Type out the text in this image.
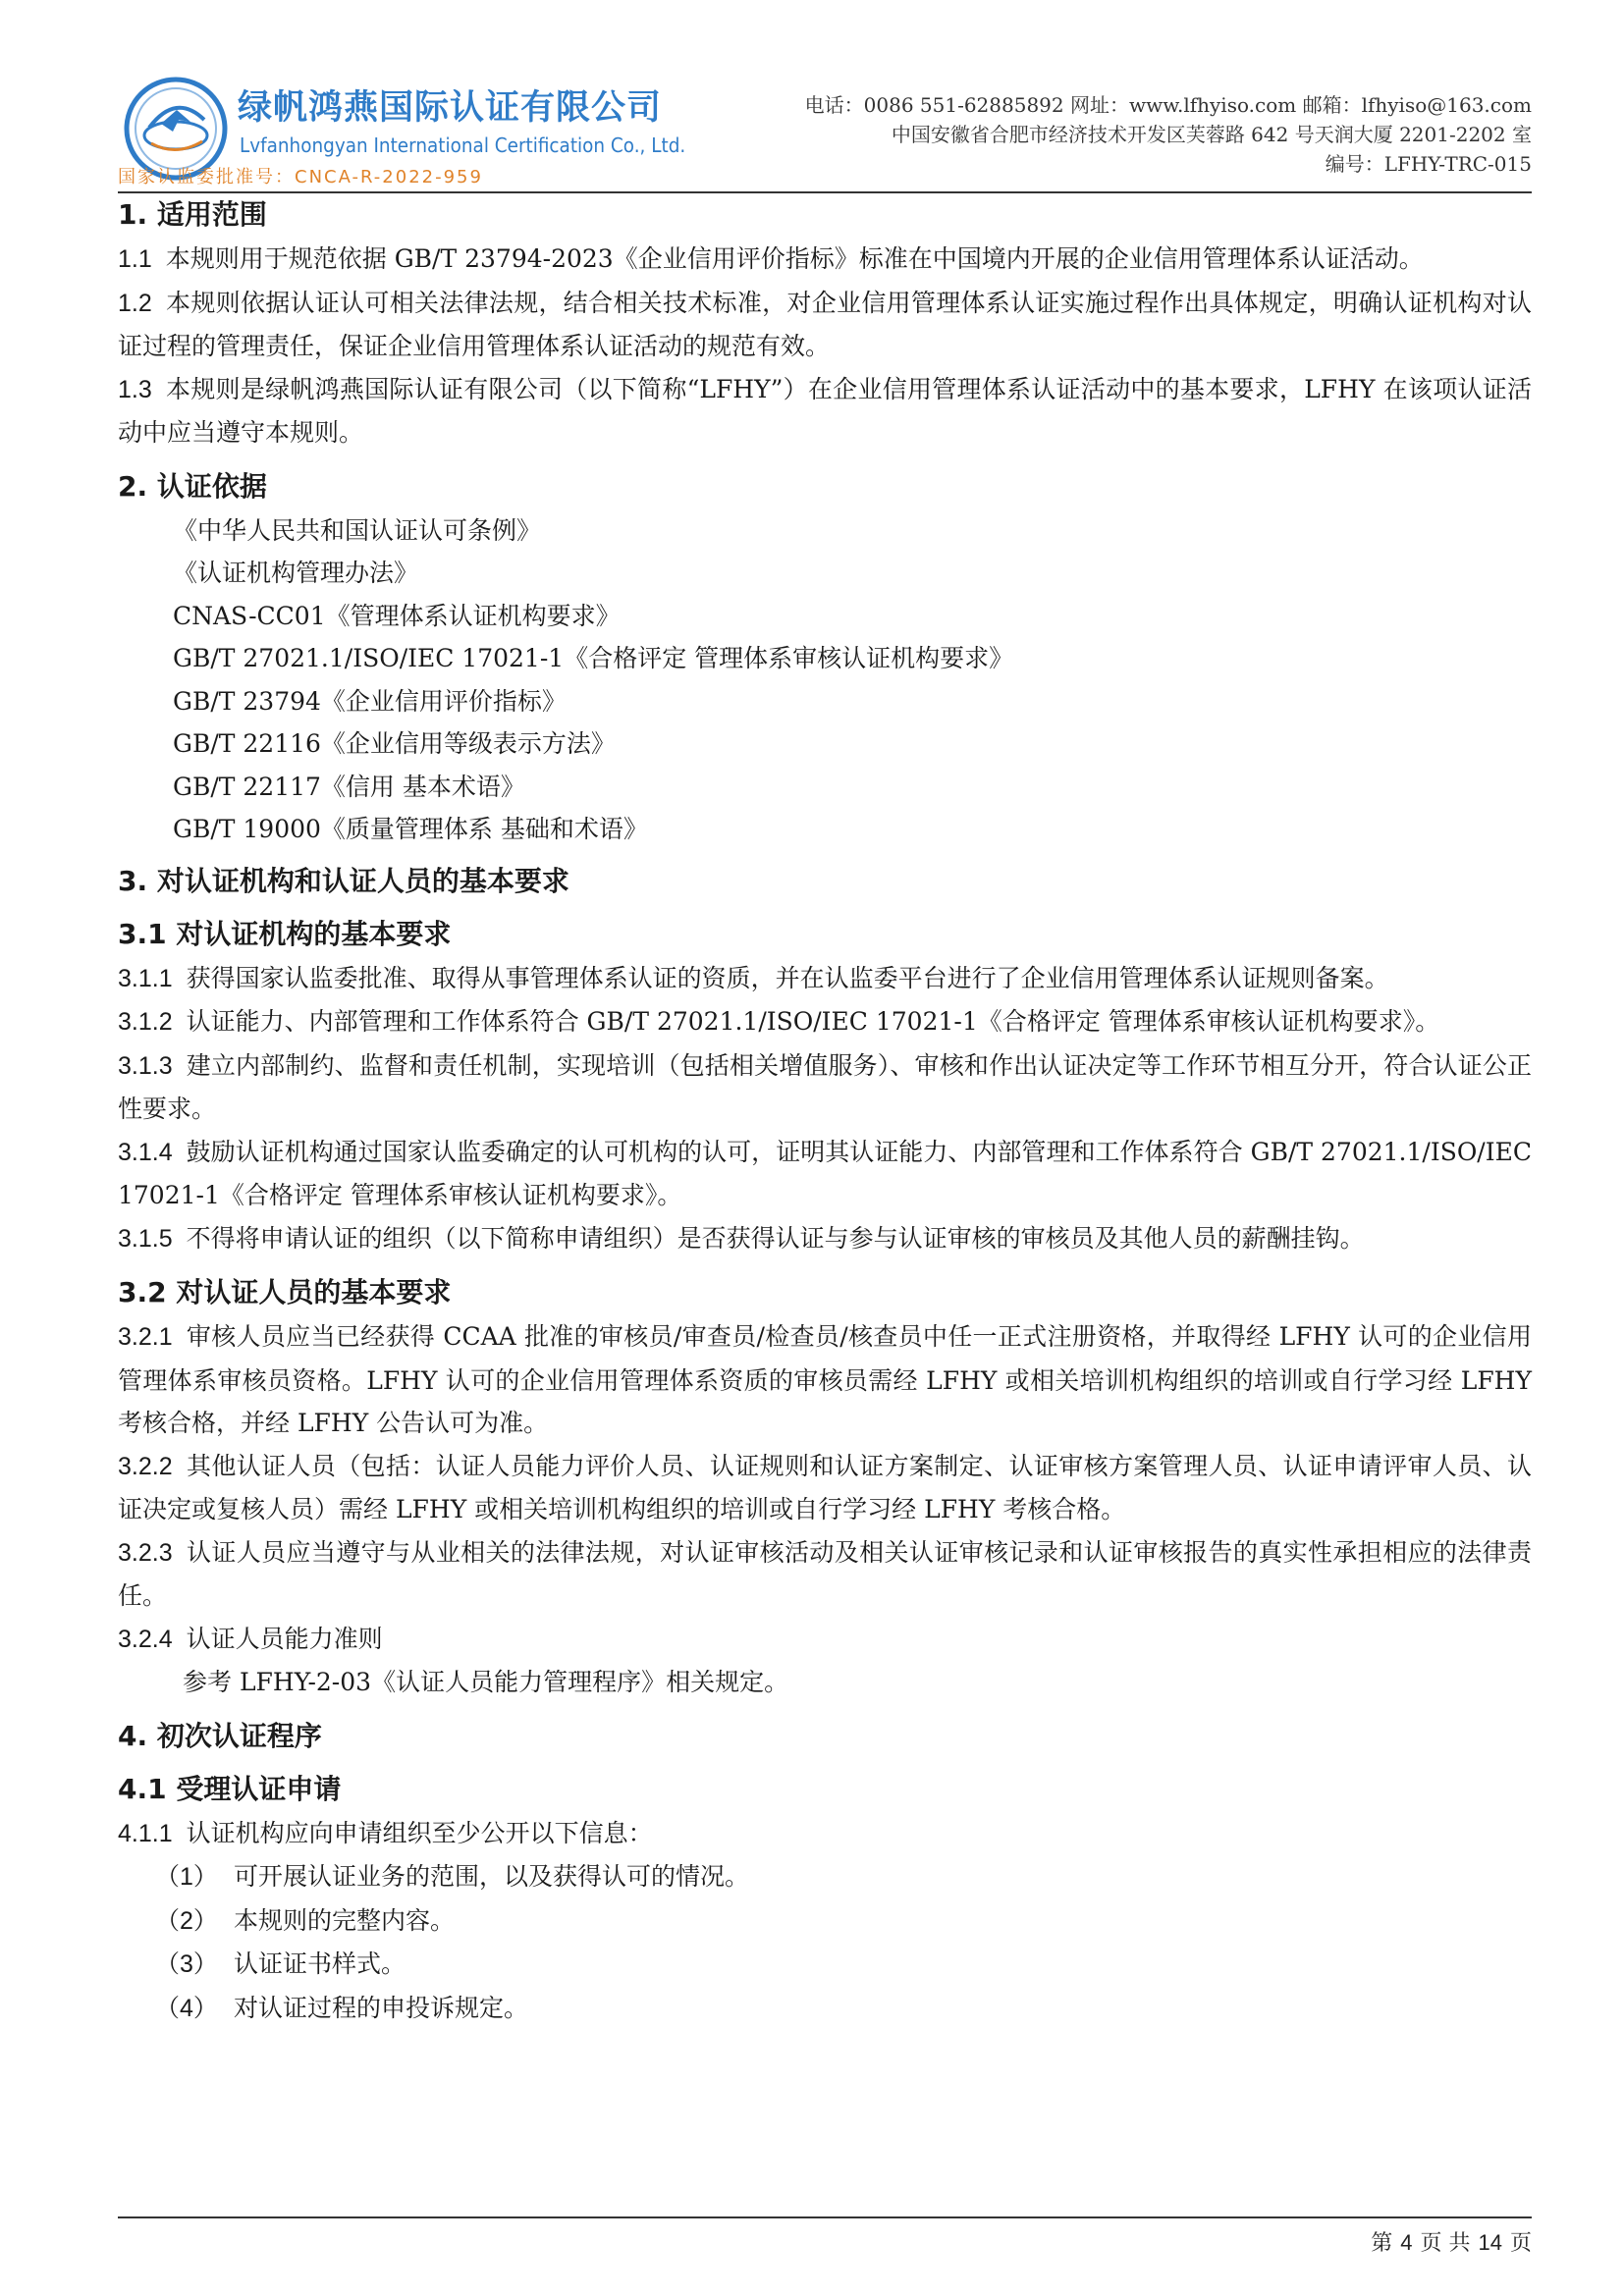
绿帆鸿燕国际认证有限公司
Lvfanhongyan International Certification Co., Ltd.
国家认监委批准号：CNCA-R-2022-959
电话：0086 551-62885892 网址：www.lfhyiso.com 邮箱：lfhyiso@163.com
中国安徽省合肥市经济技术开发区芙蓉路 642 号天润大厦 2201-2202 室
编号：LFHY-TRC-015
1. 适用范围

1.1 本规则用于规范依据 GB/T 23794-2023《企业信用评价指标》标准在中国境内开展的企业信用管理体系认证活动。

1.2 本规则依据认证认可相关法律法规，结合相关技术标准，对企业信用管理体系认证实施过程作出具体规定，明确认证机构对认证过程的管理责任，保证企业信用管理体系认证活动的规范有效。

1.3 本规则是绿帆鸿燕国际认证有限公司（以下简称“LFHY”）在企业信用管理体系认证活动中的基本要求，LFHY 在该项认证活动中应当遵守本规则。

2. 认证依据

《中华人民共和国认证认可条例》

《认证机构管理办法》

CNAS-CC01《管理体系认证机构要求》

GB/T 27021.1/ISO/IEC 17021-1《合格评定 管理体系审核认证机构要求》

GB/T 23794《企业信用评价指标》

GB/T 22116《企业信用等级表示方法》

GB/T 22117《信用 基本术语》

GB/T 19000《质量管理体系 基础和术语》

3. 对认证机构和认证人员的基本要求
3.1 对认证机构的基本要求

3.1.1 获得国家认监委批准、取得从事管理体系认证的资质，并在认监委平台进行了企业信用管理体系认证规则备案。

3.1.2 认证能力、内部管理和工作体系符合 GB/T 27021.1/ISO/IEC 17021-1《合格评定 管理体系审核认证机构要求》。

3.1.3 建立内部制约、监督和责任机制，实现培训（包括相关增值服务）、审核和作出认证决定等工作环节相互分开，符合认证公正性要求。

3.1.4 鼓励认证机构通过国家认监委确定的认可机构的认可，证明其认证能力、内部管理和工作体系符合 GB/T 27021.1/ISO/IEC 17021-1《合格评定 管理体系审核认证机构要求》。

3.1.5 不得将申请认证的组织（以下简称申请组织）是否获得认证与参与认证审核的审核员及其他人员的薪酬挂钩。

3.2 对认证人员的基本要求

3.2.1 审核人员应当已经获得 CCAA 批准的审核员/审查员/检查员/核查员中任一正式注册资格，并取得经 LFHY 认可的企业信用管理体系审核员资格。LFHY 认可的企业信用管理体系资质的审核员需经 LFHY 或相关培训机构组织的培训或自行学习经 LFHY 考核合格，并经 LFHY 公告认可为准。

3.2.2 其他认证人员（包括：认证人员能力评价人员、认证规则和认证方案制定、认证审核方案管理人员、认证申请评审人员、认证决定或复核人员）需经 LFHY 或相关培训机构组织的培训或自行学习经 LFHY 考核合格。

3.2.3 认证人员应当遵守与从业相关的法律法规，对认证审核活动及相关认证审核记录和认证审核报告的真实性承担相应的法律责任。

3.2.4 认证人员能力准则

参考 LFHY-2-03《认证人员能力管理程序》相关规定。

4. 初次认证程序
4.1 受理认证申请

4.1.1 认证机构应向申请组织至少公开以下信息：

（1） 可开展认证业务的范围，以及获得认可的情况。

（2） 本规则的完整内容。

（3） 认证证书样式。

（4） 对认证过程的申投诉规定。

第 4 页 共 14 页
